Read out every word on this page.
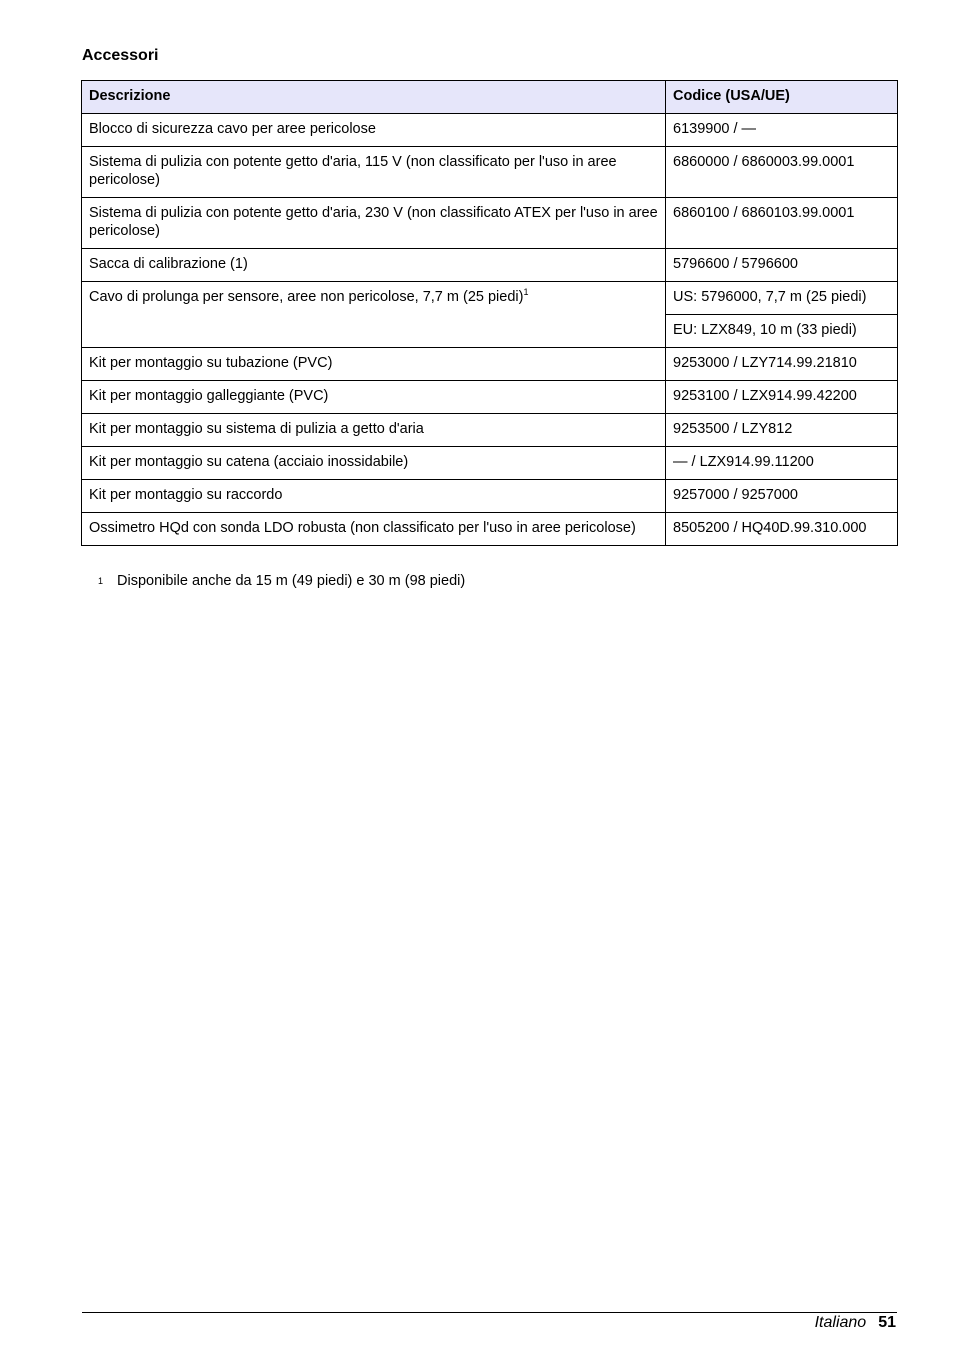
Accessori
Descrizione	Codice (USA/UE)
Blocco di sicurezza cavo per aree pericolose	6139900 / —
Sistema di pulizia con potente getto d'aria, 115 V (non classificato per l'uso in aree pericolose)	6860000 / 6860003.99.0001
Sistema di pulizia con potente getto d'aria, 230 V (non classificato ATEX per l'uso in aree pericolose)	6860100 / 6860103.99.0001
Sacca di calibrazione (1)	5796600 / 5796600
Cavo di prolunga per sensore, aree non pericolose, 7,7 m (25 piedi)$^1$	US: 5796000, 7,7 m (25 piedi)
	EU: LZX849, 10 m (33 piedi)
Kit per montaggio su tubazione (PVC)	9253000 / LZY714.99.21810
Kit per montaggio galleggiante (PVC)	9253100 / LZX914.99.42200
Kit per montaggio su sistema di pulizia a getto d'aria	9253500 / LZY812
Kit per montaggio su catena (acciaio inossidabile)	— / LZX914.99.11200
Kit per montaggio su raccordo	9257000 / 9257000
Ossimetro HQd con sonda LDO robusta (non classificato per l'uso in aree pericolose)	8505200 / HQ40D.99.310.000
1 Disponibile anche da 15 m (49 piedi) e 30 m (98 piedi)
Italiano 51
